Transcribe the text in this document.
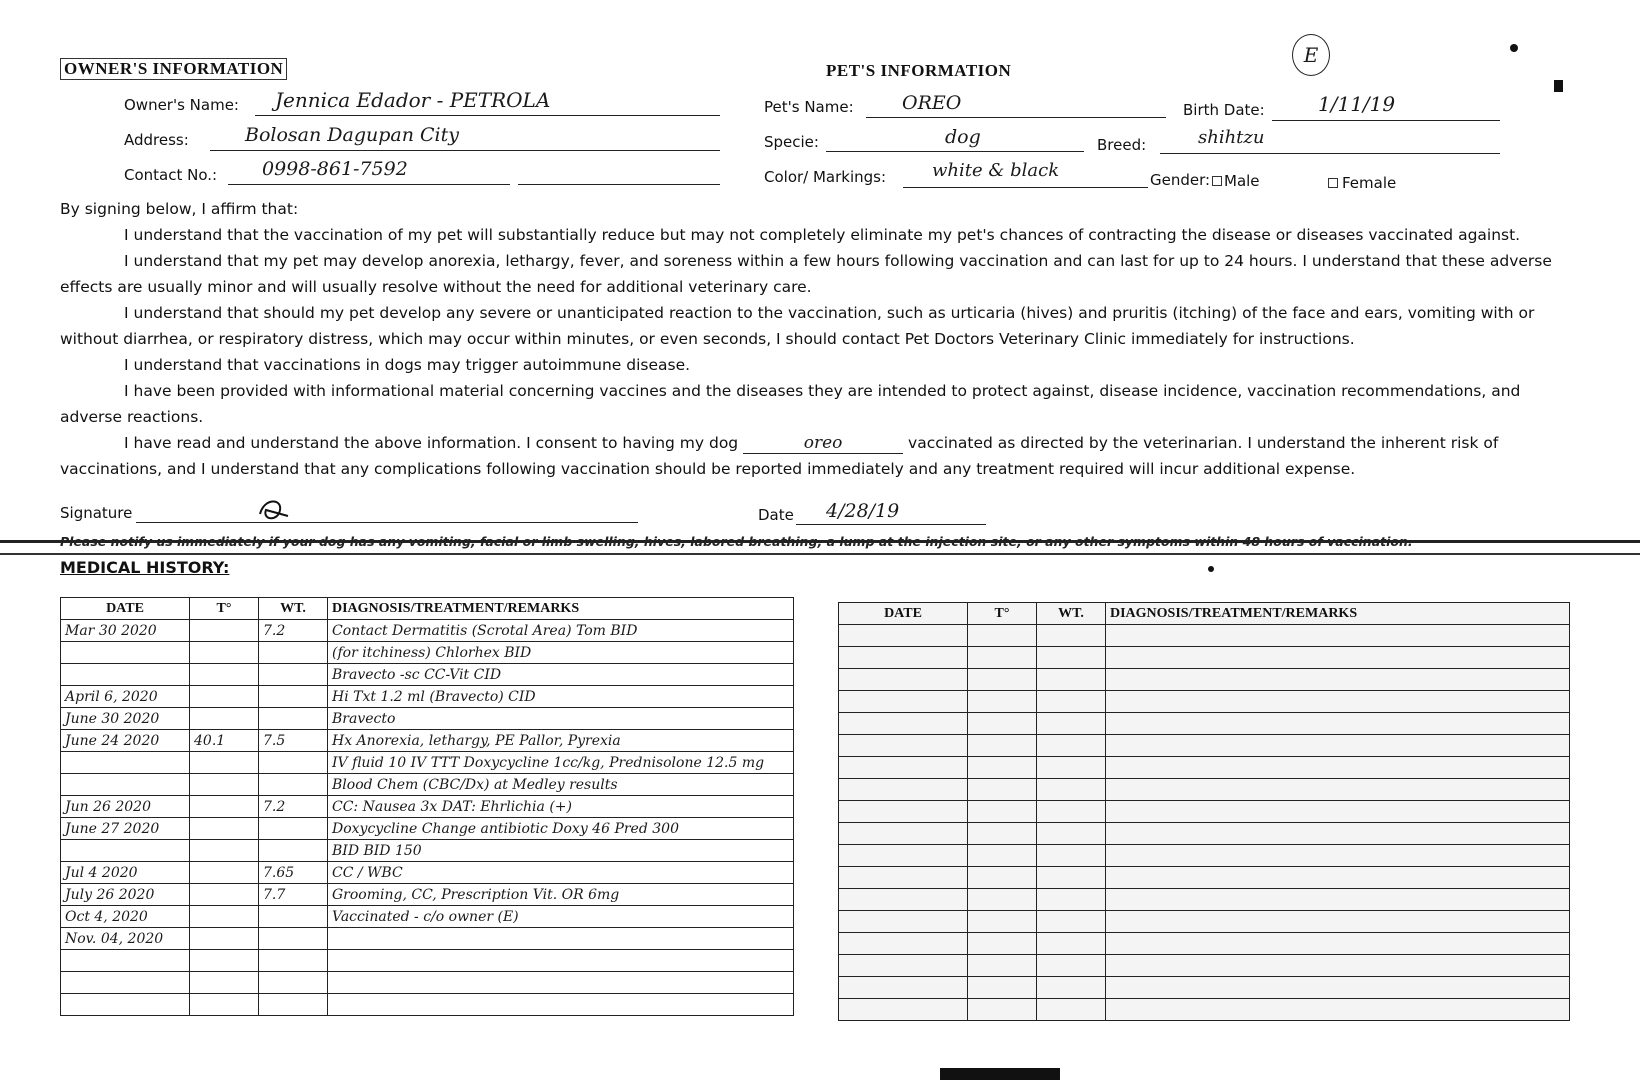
OWNER'S INFORMATION	PET'S INFORMATION
E
Owner's Name: Jennica Edador - PETROLA
Address:	Bolosan Dagupan City
Contact No.: 0998-861-7592
Pet's Name:	OREO	Birth Date:	1/11/19
Specie:	dog	Breed:	shihtzu
Color/ Markings:	white & black	Gender: Male	Female

By signing below, I affirm that:

I understand that the vaccination of my pet will substantially reduce but may not completely eliminate my pet's chances of contracting the disease or diseases vaccinated against.

I understand that my pet may develop anorexia, lethargy, fever, and soreness within a few hours following vaccination and can last for up to 24 hours. I understand that these adverse effects are usually minor and will usually resolve without the need for additional veterinary care.

I understand that should my pet develop any severe or unanticipated reaction to the vaccination, such as urticaria (hives) and pruritis (itching) of the face and ears, vomiting with or without diarrhea, or respiratory distress, which may occur within minutes, or even seconds, I should contact Pet Doctors Veterinary Clinic immediately for instructions.

I understand that vaccinations in dogs may trigger autoimmune disease.

I have been provided with informational material concerning vaccines and the diseases they are intended to protect against, disease incidence, vaccination recommendations, and adverse reactions.

I have read and understand the above information. I consent to having my dog	oreo	vaccinated as directed by the veterinarian. I understand the inherent risk of vaccinations, and I understand that any complications following vaccination should be reported immediately and any treatment required will incur additional expense.

Signature	Date 4/28/19
Please notify us immediately if your dog has any vomiting, facial or limb swelling, hives, labored breathing, a lump at the injection site, or any other symptoms within 48 hours of vaccination.
MEDICAL HISTORY:
DATE	T°	WT.	DIAGNOSIS/TREATMENT/REMARKS
Mar 30 2020		7.2	Contact Dermatitis (Scrotal Area) Tom BID
			(for itchiness) Chlorhex BID
			Bravecto -sc CC-Vit CID
April 6, 2020			Hi Txt 1.2 ml (Bravecto) CID
June 30 2020			Bravecto
June 24 2020	40.1	7.5	Hx Anorexia, lethargy, PE Pallor, Pyrexia
			IV fluid 10 IV TTT Doxycycline 1cc/kg, Prednisolone 12.5 mg
			Blood Chem (CBC/Dx) at Medley results
Jun 26 2020		7.2	CC: Nausea 3x DAT: Ehrlichia (+)
June 27 2020			Doxycycline Change antibiotic Doxy 46 Pred 300
			BID BID 150
Jul 4 2020		7.65	CC / WBC
July 26 2020		7.7	Grooming, CC, Prescription Vit. OR 6mg
Oct 4, 2020			Vaccinated - c/o owner (E)
Nov. 04, 2020			

DATE	T°	WT.	DIAGNOSIS/TREATMENT/REMARKS
